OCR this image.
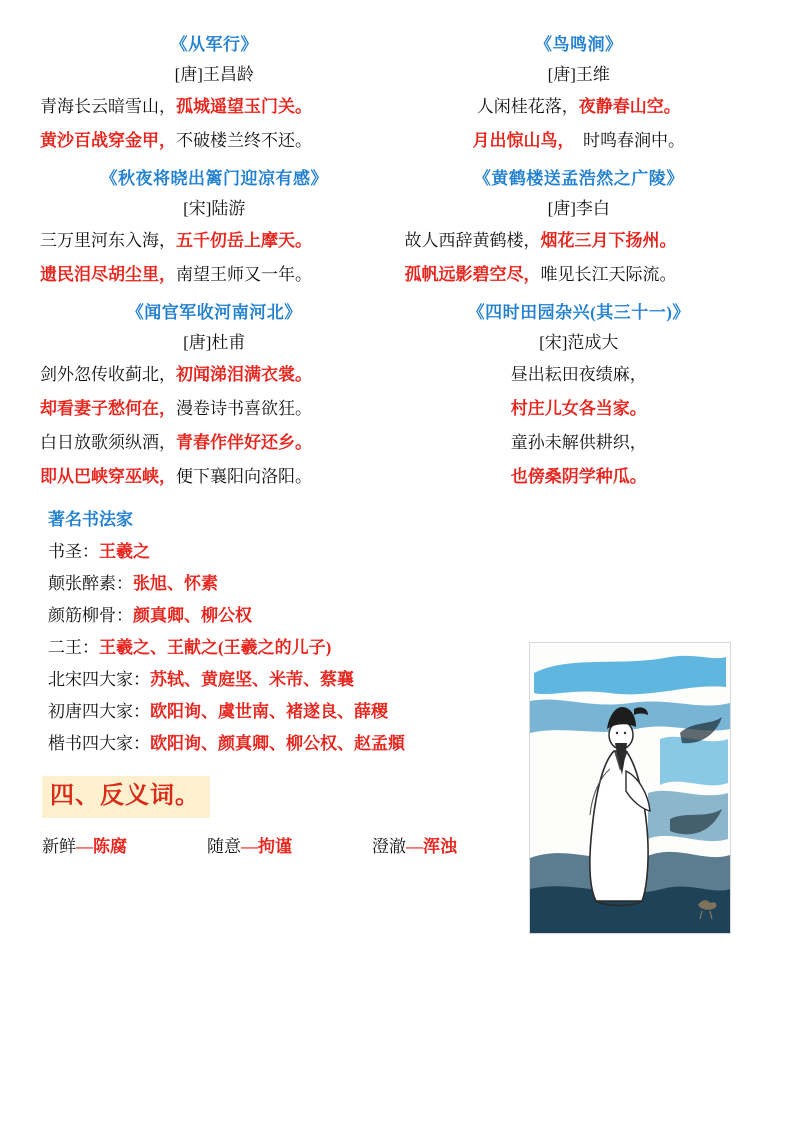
《从军行》
[唐]王昌龄
青海长云暗雪山，孤城遥望玉门关。
黄沙百战穿金甲，不破楼兰终不还。
《秋夜将晓出篱门迎凉有感》
[宋]陆游
三万里河东入海，五千仞岳上摩天。
遗民泪尽胡尘里，南望王师又一年。
《闻官军收河南河北》
[唐]杜甫
剑外忽传收蓟北，初闻涕泪满衣裳。
却看妻子愁何在，漫卷诗书喜欲狂。
白日放歌须纵酒，青春作伴好还乡。
即从巴峡穿巫峡，便下襄阳向洛阳。
著名书法家
书圣：王羲之
颠张醉素：张旭、怀素
颜筋柳骨：颜真卿、柳公权
二王：王羲之、王献之(王羲之的儿子)
北宋四大家：苏轼、黄庭坚、米芾、蔡襄
初唐四大家：欧阳询、虞世南、褚遂良、薛稷
楷书四大家：欧阳询、颜真卿、柳公权、赵孟頫
《鸟鸣涧》
[唐]王维
人闲桂花落，夜静春山空。
月出惊山鸟，　时鸣春涧中。
《黄鹤楼送孟浩然之广陵》
[唐]李白
故人西辞黄鹤楼，烟花三月下扬州。
孤帆远影碧空尽，唯见长江天际流。
《四时田园杂兴(其三十一)》
[宋]范成大
昼出耘田夜绩麻，
村庄儿女各当家。
童孙未解供耕织，
也傍桑阴学种瓜。
四、反义词。
新鲜—陈腐	随意—拘谨	澄澈—浑浊
